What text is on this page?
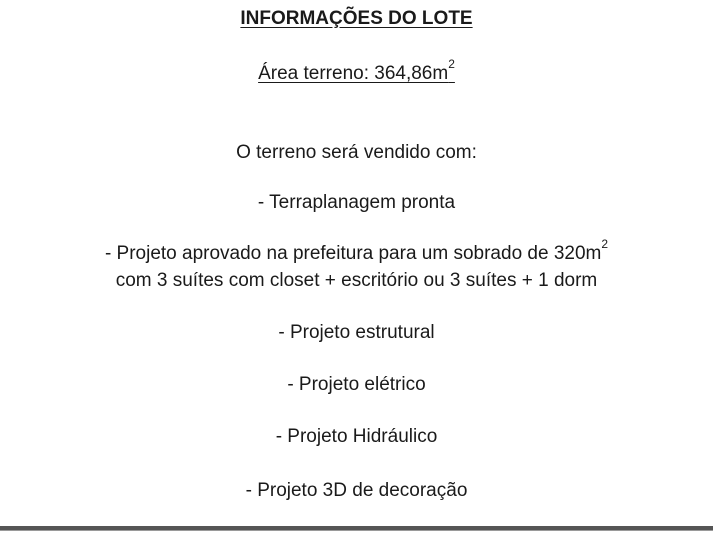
INFORMAÇÕES DO LOTE
Área terreno: $364,86m^2$
O terreno será vendido com:
- Terraplanagem pronta
- Projeto aprovado na prefeitura para um sobrado de $320m^2$
com 3 suítes com closet + escritório ou 3 suítes + 1 dorm
- Projeto estrutural
- Projeto elétrico
- Projeto Hidráulico
- Projeto 3D de decoração
